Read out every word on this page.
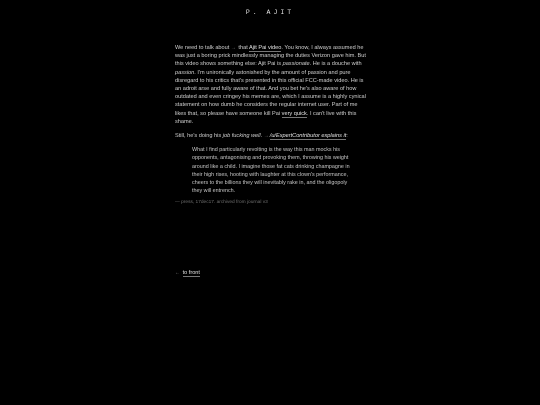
P. AJIT

We need to talk about → that Ajit Pai video. You know, I always assumed he was just a boring prick mindlessly managing the duties Verizon gave him. But this video shows something else: Ajit Pai is passionate. He is a douche with passion. I'm unironically astonished by the amount of passion and pure disregard to his critics that's presented in this official FCC-made video. He is an adroit arse and fully aware of that. And you bet he's also aware of how outdated and even cringey his memes are, which I assume is a highly cynical statement on how dumb he considers the regular internet user. Part of me likes that, so please have someone kill Pai very quick. I can't live with this shame.

Still, he's doing his job fucking well. →/u/ExpertContributor explains it:

What I find particularly revolting is the way this man mocks his opponents, antagonising and provoking them, throwing his weight around like a child. I imagine those fat cats drinking champagne in their high rises, hooting with laughter at this clown's performance, cheers to the billions they will inevitably rake in, and the oligopoly they will entrench.
— press, 17dec17. archived from journal v3
← to front
